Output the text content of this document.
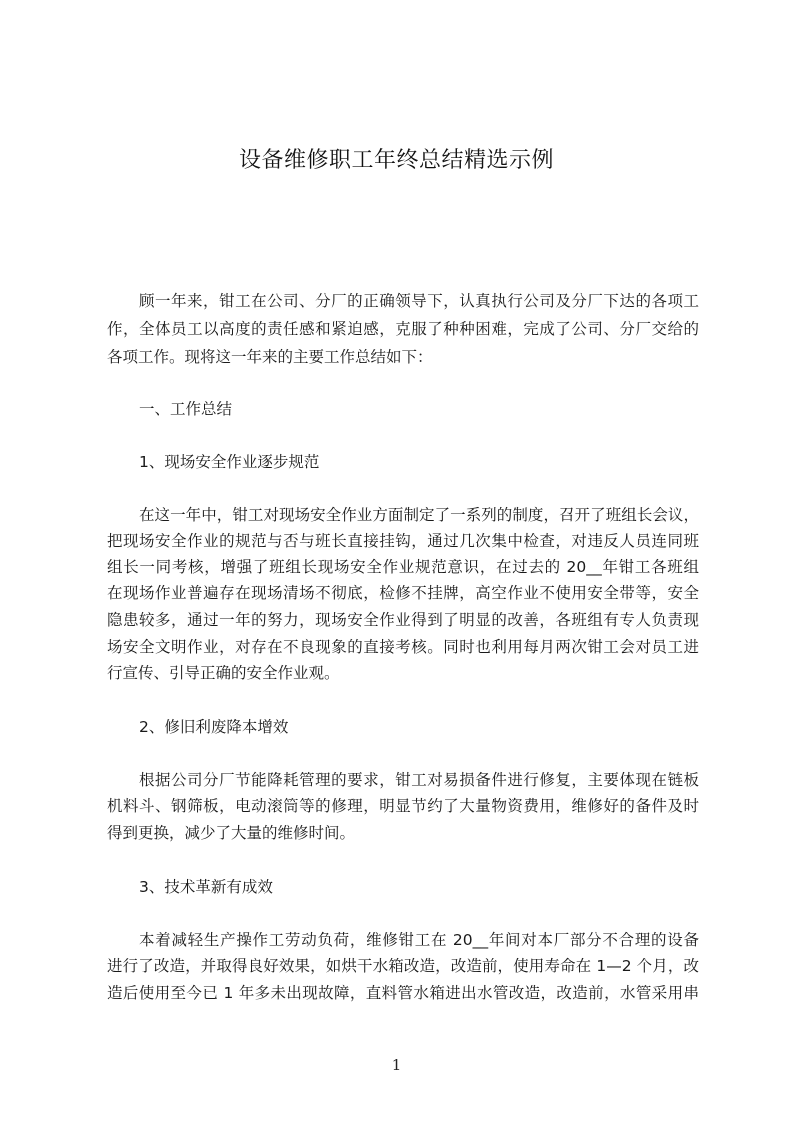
设备维修职工年终总结精选示例
顾一年来，钳工在公司、分厂的正确领导下，认真执行公司及分厂下达的各项工
作，全体员工以高度的责任感和紧迫感，克服了种种困难，完成了公司、分厂交给的
各项工作。现将这一年来的主要工作总结如下：
一、工作总结
1、现场安全作业逐步规范
在这一年中，钳工对现场安全作业方面制定了一系列的制度，召开了班组长会议，
把现场安全作业的规范与否与班长直接挂钩，通过几次集中检查，对违反人员连同班
组长一同考核，增强了班组长现场安全作业规范意识，在过去的 20__年钳工各班组
在现场作业普遍存在现场清场不彻底，检修不挂牌，高空作业不使用安全带等，安全
隐患较多，通过一年的努力，现场安全作业得到了明显的改善，各班组有专人负责现
场安全文明作业，对存在不良现象的直接考核。同时也利用每月两次钳工会对员工进
行宣传、引导正确的安全作业观。
2、修旧利废降本增效
根据公司分厂节能降耗管理的要求，钳工对易损备件进行修复，主要体现在链板
机料斗、钢筛板，电动滚筒等的修理，明显节约了大量物资费用，维修好的备件及时
得到更换，减少了大量的维修时间。
3、技术革新有成效
本着减轻生产操作工劳动负荷，维修钳工在 20__年间对本厂部分不合理的设备
进行了改造，并取得良好效果，如烘干水箱改造，改造前，使用寿命在 1—2 个月，改
造后使用至今已 1 年多未出现故障，直料管水箱进出水管改造，改造前，水管采用串
1
